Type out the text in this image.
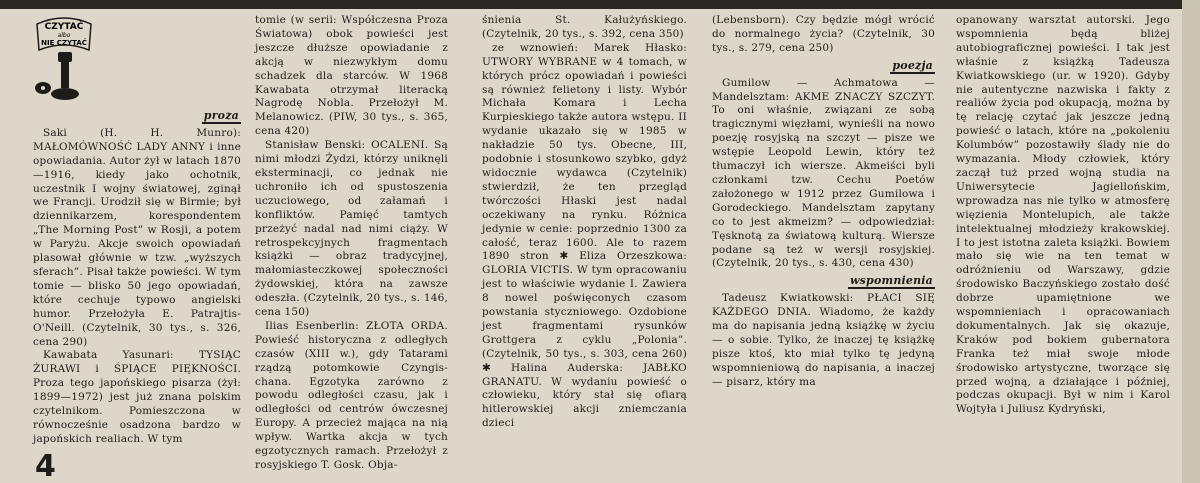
CZYTAĆ
albo
NIE CZYTAĆ
proza

Saki (H. H. Munro): MAŁOMÓWNOŚĆ LADY ANNY i inne opowiadania. Autor żył w latach 1870—1916, kiedy jako ochotnik, uczestnik I wojny światowej, zginął we Francji. Urodził się w Birmie; był dziennikarzem, korespondentem „The Morning Post” w Rosji, a potem w Paryżu. Akcje swoich opowiadań plasował głównie w tzw. „wyższych sferach”. Pisał także powieści. W tym tomie — blisko 50 jego opowiadań, które cechuje typowo angielski humor. Przełożyła E. Patrajtis-O'Neill. (Czytelnik, 30 tys., s. 326, cena 290)

Kawabata Yasunari: TYSIĄC ŻURAWI i ŚPIĄCE PIĘKNOŚCI. Proza tego japońskiego pisarza (żył: 1899—1972) jest już znana polskim czytelnikom. Pomieszczona w równocześnie osadzona bardzo w japońskich realiach. W tym

tomie (w serii: Współczesna Proza Światowa) obok powieści jest jeszcze dłuższe opowiadanie z akcją w niezwykłym domu schadzek dla starców. W 1968 Kawabata otrzymał literacką Nagrodę Nobla. Przełożył M. Melanowicz. (PIW, 30 tys., s. 365, cena 420)

Stanisław Benski: OCALENI. Są nimi młodzi Żydzi, którzy uniknęli eksterminacji, co jednak nie uchroniło ich od spustoszenia uczuciowego, od załamań i konfliktów. Pamięć tamtych przeżyć nadal nad nimi ciąży. W retrospekcyjnych fragmentach książki — obraz tradycyjnej, małomiasteczkowej społeczności żydowskiej, która na zawsze odeszła. (Czytelnik, 20 tys., s. 146, cena 150)

Ilias Esenberlin: ZŁOTA ORDA. Powieść historyczna z odległych czasów (XIII w.), gdy Tatarami rządzą potomkowie Czyngis-chana. Egzotyka zarówno z powodu odległości czasu, jak i odległości od centrów ówczesnej Europy. A przecież mająca na nią wpływ. Wartka akcja w tych egzotycznych ramach. Przełożył z rosyjskiego T. Gosk. Obja-

śnienia St. Kałużyńskiego. (Czytelnik, 20 tys., s. 392, cena 350)

ze wznowień: Marek Hłasko: UTWORY WYBRANE w 4 tomach, w których prócz opowiadań i powieści są również felietony i listy. Wybór Michała Komara i Lecha Kurpieskiego także autora wstępu. II wydanie ukazało się w 1985 w nakładzie 50 tys. Obecne, III, podobnie i stosunkowo szybko, gdyż widocznie wydawca (Czytelnik) stwierdził, że ten przegląd twórczości Hłaski jest nadal oczekiwany na rynku. Różnica jedynie w cenie: poprzednio 1300 za całość, teraz 1600. Ale to razem 1890 stron ✱ Eliza Orzeszkowa: GLORIA VICTIS. W tym opracowaniu jest to właściwie wydanie I. Zawiera 8 nowel poświęconych czasom powstania styczniowego. Ozdobione jest fragmentami rysunków Grottgera z cyklu „Polonia”. (Czytelnik, 50 tys., s. 303, cena 260) ✱ Halina Auderska: JABŁKO GRANATU. W wydaniu powieść o człowieku, który stał się ofiarą hitlerowskiej akcji zniemczania dzieci

(Lebensborn). Czy będzie mógł wrócić do normalnego życia? (Czytelnik, 30 tys., s. 279, cena 250)

poezja

Gumilow — Achmatowa — Mandelsztam: AKME ZNACZY SZCZYT. To oni właśnie, związani ze sobą tragicznymi więzłami, wynieśli na nowo poezję rosyjską na szczyt — pisze we wstępie Leopold Lewin, który też tłumaczył ich wiersze. Akmeiści byli członkami tzw. Cechu Poetów założonego w 1912 przez Gumilowa i Gorodeckiego. Mandelsztam zapytany co to jest akmeizm? — odpowiedział: Tęsknotą za światową kulturą. Wiersze podane są też w wersji rosyjskiej. (Czytelnik, 20 tys., s. 430, cena 430)

wspomnienia

Tadeusz Kwiatkowski: PŁACI SIĘ KAŻDEGO DNIA. Wiadomo, że każdy ma do napisania jedną książkę w życiu — o sobie. Tylko, że inaczej tę książkę pisze ktoś, kto miał tylko tę jedyną wspomnieniową do napisania, a inaczej — pisarz, który ma

opanowany warsztat autorski. Jego wspomnienia będą bliżej autobiograficznej powieści. I tak jest właśnie z książką Tadeusza Kwiatkowskiego (ur. w 1920). Gdyby nie autentyczne nazwiska i fakty z realiów życia pod okupacją, można by tę relację czytać jak jeszcze jedną powieść o latach, które na „pokoleniu Kolumbów” pozostawiły ślady nie do wymazania. Młody człowiek, który zaczął tuż przed wojną studia na Uniwersytecie Jagiellońskim, wprowadza nas nie tylko w atmosferę więzienia Montelupich, ale także intelektualnej młodzieży krakowskiej. I to jest istotna zaleta książki. Bowiem mało się wie na ten temat w odróżnieniu od Warszawy, gdzie środowisko Baczyńskiego zostało dość dobrze upamiętnione we wspomnieniach i opracowaniach dokumentalnych. Jak się okazuje, Kraków pod bokiem gubernatora Franka też miał swoje młode środowisko artystyczne, tworzące się przed wojną, a działające i później, podczas okupacji. Był w nim i Karol Wojtyła i Juliusz Kydryński,

4
